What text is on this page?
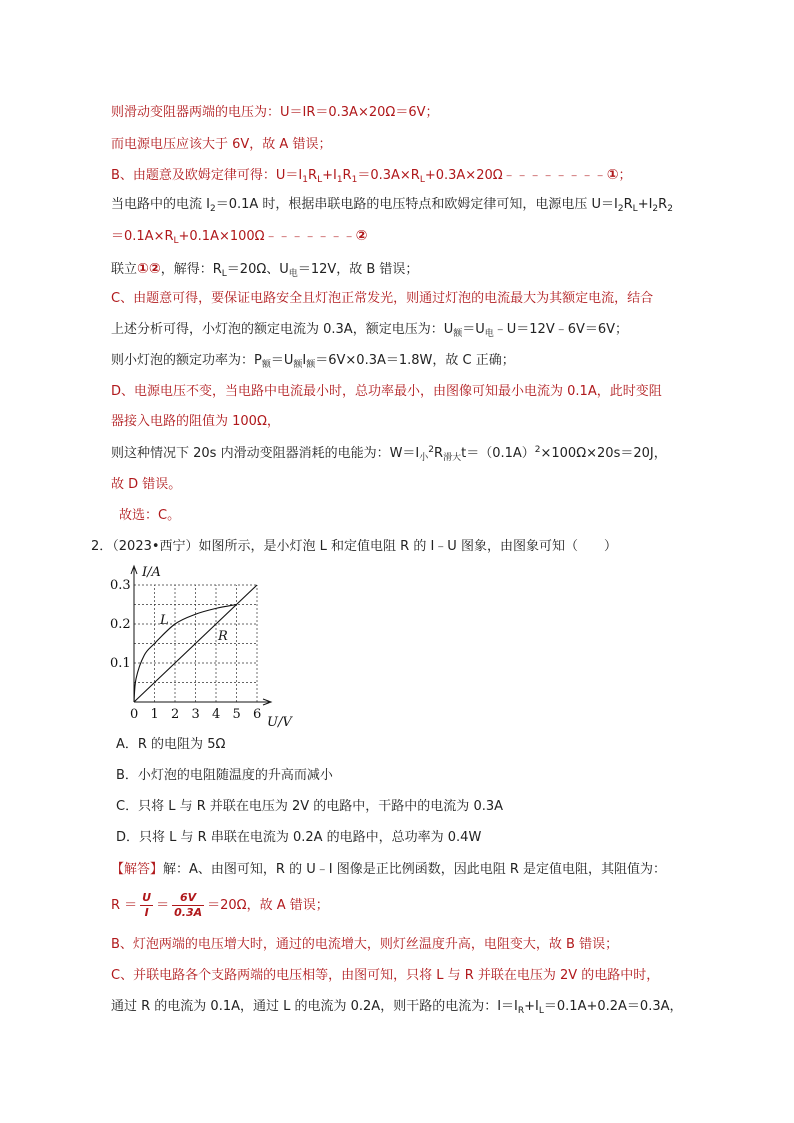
则滑动变阻器两端的电压为：U＝IR＝0.3A×20Ω＝6V；
而电源电压应该大于 6V，故 A 错误；
B、由题意及欧姆定律可得：$U=I_1R_L+I_1R_1=0.3A\times R_L+0.3A\times 20\Omega﹣﹣﹣﹣﹣﹣﹣﹣①$；
当电路中的电流 $I_2=0.1A$ 时，根据串联电路的电压特点和欧姆定律可知，电源电压 $U=I_2R_L+I_2R_2$
$=0.1A\times R_L+0.1A\times 100\Omega﹣﹣﹣﹣﹣﹣﹣②$
联立①②，解得：$R_L=20\Omega$、$U_电=12V$，故 B 错误；
C、由题意可得，要保证电路安全且灯泡正常发光，则通过灯泡的电流最大为其额定电流，结合
上述分析可得，小灯泡的额定电流为 0.3A，额定电压为：$U_额=U_电﹣U=12V﹣6V=6V$；
则小灯泡的额定功率为：$P_额=U_额I_额=6V\times 0.3A=1.8W$，故 C 正确；
D、电源电压不变，当电路中电流最小时，总功率最小，由图像可知最小电流为 0.1A，此时变阻
器接入电路的阻值为 100Ω，
则这种情况下 20s 内滑动变阻器消耗的电能为：$W=I_小^2R_{滑大}t=(0.1A)^2\times 100\Omega\times 20s=20J$，
故 D 错误。
故选：C。
2．（2023•西宁）如图所示，是小灯泡 L 和定值电阻 R 的 I﹣U 图象，由图象可知（　　）
0 1 2 3 4 5 6
0.1
0.2
0.3
I/A
U/V
L
R
A．R 的电阻为 5Ω
B．小灯泡的电阻随温度的升高而减小
C．只将 L 与 R 并联在电压为 2V 的电路中，干路中的电流为 0.3A
D．只将 L 与 R 串联在电流为 0.2A 的电路中，总功率为 0.4W
【解答】解：A、由图可知，R 的 U﹣I 图像是正比例函数，因此电阻 R 是定值电阻，其阻值为：
$R = \frac{U}{I} = \frac{6V}{0.3A} =20\Omega$，故 A 错误；
B、灯泡两端的电压增大时，通过的电流增大，则灯丝温度升高，电阻变大，故 B 错误；
C、并联电路各个支路两端的电压相等，由图可知，只将 L 与 R 并联在电压为 2V 的电路中时，
通过 R 的电流为 0.1A，通过 L 的电流为 0.2A，则干路的电流为：$I=I_R+I_L=0.1A+0.2A=0.3A$，
